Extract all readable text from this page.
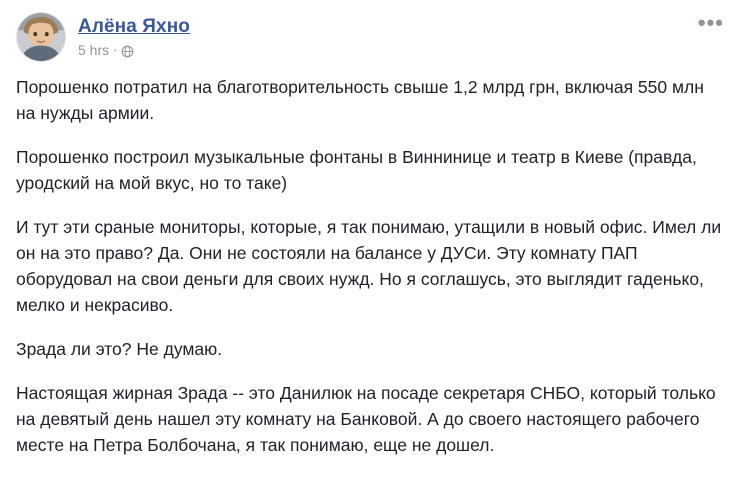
Алёна Яхно
5 hrs ·
•••

Порошенко потратил на благотворительность свыше 1,2 млрд грн, включая 550 млн на нужды армии.

Порошенко построил музыкальные фонтаны в Виннинице и театр в Киеве (правда, уродский на мой вкус, но то таке)

И тут эти сраные мониторы, которые, я так понимаю, утащили в новый офис. Имел ли он на это право? Да. Они не состояли на балансе у ДУСи. Эту комнату ПАП оборудовал на свои деньги для своих нужд. Но я соглашусь, это выглядит гаденько, мелко и некрасиво.

Зрада ли это? Не думаю.

Настоящая жирная Зрада -- это Данилюк на посаде секретаря СНБО, который только на девятый день нашел эту комнату на Банковой. А до своего настоящего рабочего месте на Петра Болбочана, я так понимаю, еще не дошел.
